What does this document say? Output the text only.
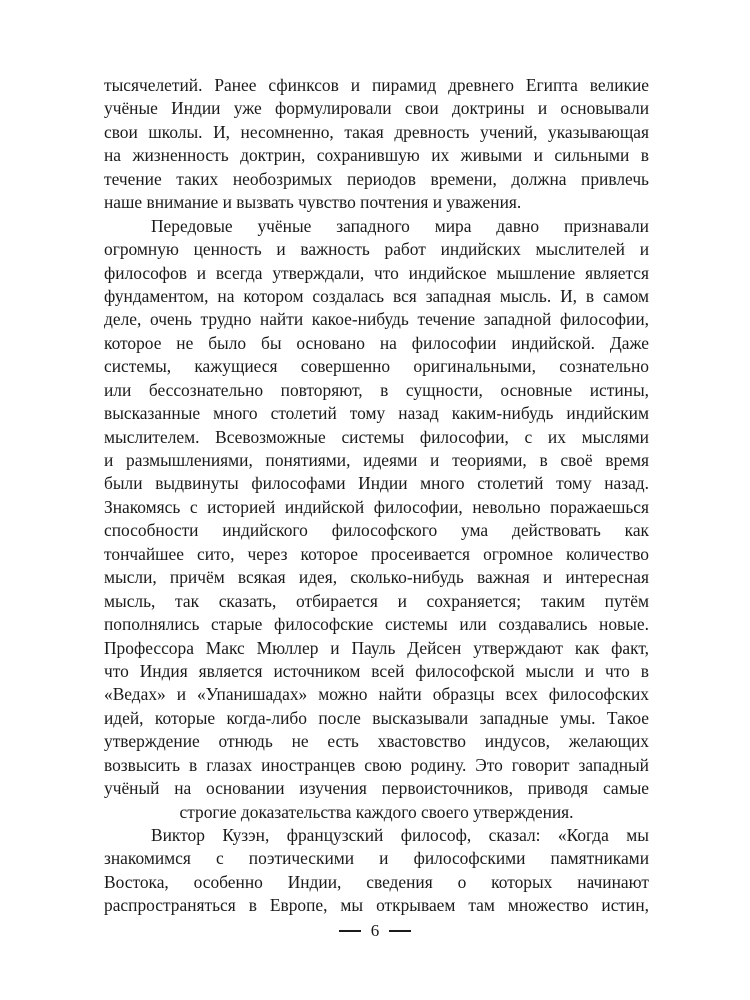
тысячелетий. Ранее сфинксов и пирамид древнего Египта великие
учёные Индии уже формулировали свои доктрины и основывали
свои школы. И, несомненно, такая древность учений, указывающая
на жизненность доктрин, сохранившую их живыми и сильными в
течение таких необозримых периодов времени, должна привлечь
наше внимание и вызвать чувство почтения и уважения.
Передовые учёные западного мира давно признавали
огромную ценность и важность работ индийских мыслителей и
философов и всегда утверждали, что индийское мышление является
фундаментом, на котором создалась вся западная мысль. И, в самом
деле, очень трудно найти какое-нибудь течение западной философии,
которое не было бы основано на философии индийской. Даже
системы, кажущиеся совершенно оригинальными, сознательно
или бессознательно повторяют, в сущности, основные истины,
высказанные много столетий тому назад каким-нибудь индийским
мыслителем. Всевозможные системы философии, с их мыслями
и размышлениями, понятиями, идеями и теориями, в своё время
были выдвинуты философами Индии много столетий тому назад.
Знакомясь с историей индийской философии, невольно поражаешься
способности индийского философского ума действовать как
тончайшее сито, через которое просеивается огромное количество
мысли, причём всякая идея, сколько-нибудь важная и интересная
мысль, так сказать, отбирается и сохраняется; таким путём
пополнялись старые философские системы или создавались новые.
Профессора Макс Мюллер и Пауль Дейсен утверждают как факт,
что Индия является источником всей философской мысли и что в
«Ведах» и «Упанишадах» можно найти образцы всех философских
идей, которые когда-либо после высказывали западные умы. Такое
утверждение отнюдь не есть хвастовство индусов, желающих
возвысить в глазах иностранцев свою родину. Это говорит западный
учёный на основании изучения первоисточников, приводя самые
строгие доказательства каждого своего утверждения.
Виктор Кузэн, французский философ, сказал: «Когда мы
знакомимся с поэтическими и философскими памятниками
Востока, особенно Индии, сведения о которых начинают
распространяться в Европе, мы открываем там множество истин,
6
